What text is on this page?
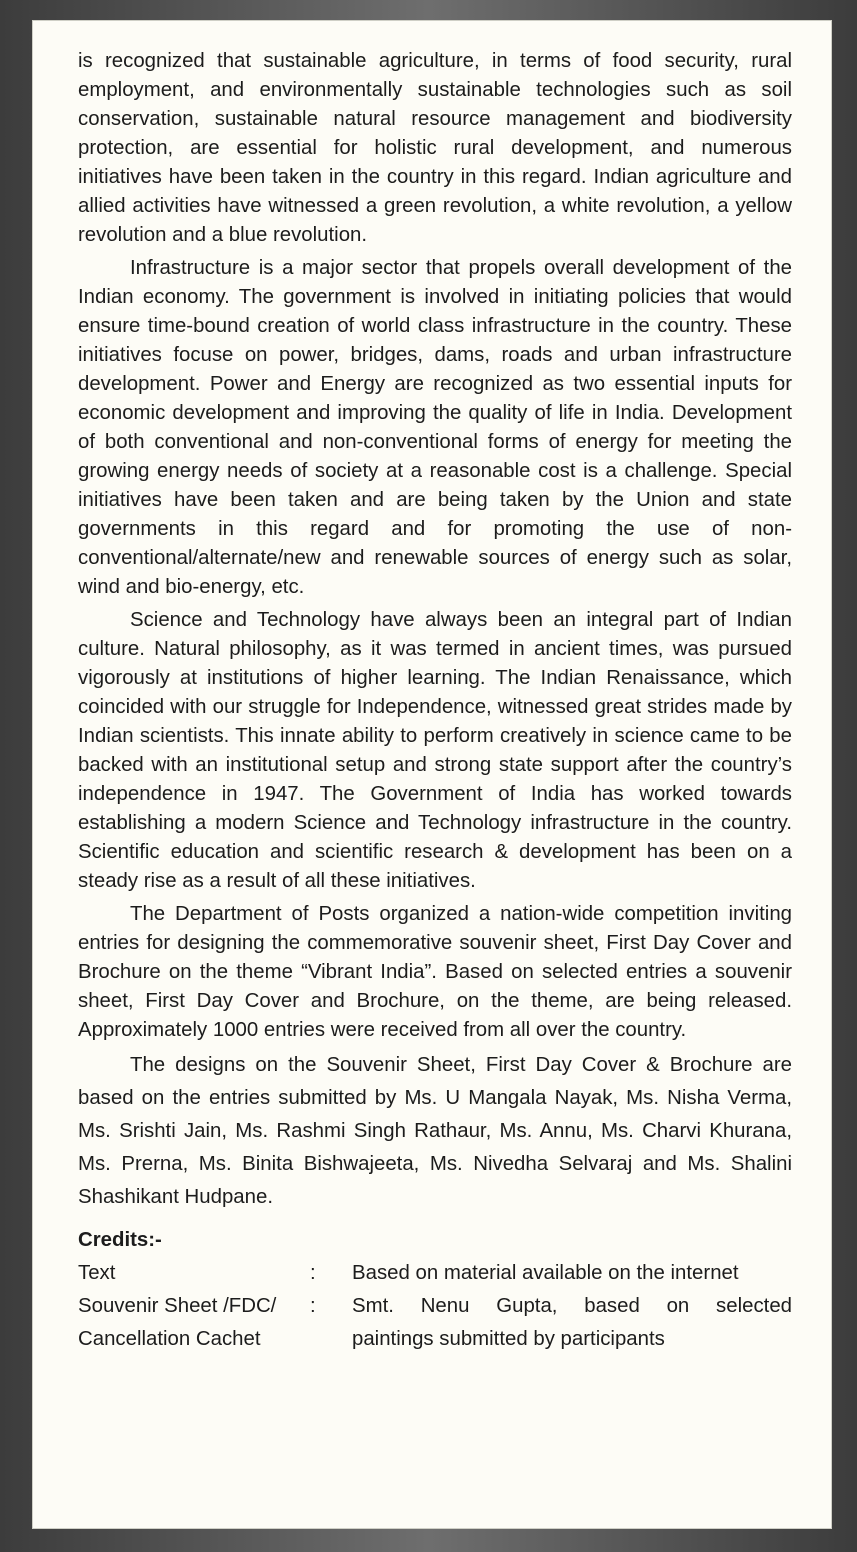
is recognized that sustainable agriculture, in terms of food security, rural employment, and environmentally sustainable technologies such as soil conservation, sustainable natural resource management and biodiversity protection, are essential for holistic rural development, and numerous initiatives have been taken in the country in this regard. Indian agriculture and allied activities have witnessed a green revolution, a white revolution, a yellow revolution and a blue revolution.

Infrastructure is a major sector that propels overall development of the Indian economy. The government is involved in initiating policies that would ensure time-bound creation of world class infrastructure in the country. These initiatives focuse on power, bridges, dams, roads and urban infrastructure development. Power and Energy are recognized as two essential inputs for economic development and improving the quality of life in India. Development of both conventional and non-conventional forms of energy for meeting the growing energy needs of society at a reasonable cost is a challenge. Special initiatives have been taken and are being taken by the Union and state governments in this regard and for promoting the use of non-conventional/alternate/new and renewable sources of energy such as solar, wind and bio-energy, etc.

Science and Technology have always been an integral part of Indian culture. Natural philosophy, as it was termed in ancient times, was pursued vigorously at institutions of higher learning. The Indian Renaissance, which coincided with our struggle for Independence, witnessed great strides made by Indian scientists. This innate ability to perform creatively in science came to be backed with an institutional setup and strong state support after the country’s independence in 1947. The Government of India has worked towards establishing a modern Science and Technology infrastructure in the country. Scientific education and scientific research & development has been on a steady rise as a result of all these initiatives.

The Department of Posts organized a nation-wide competition inviting entries for designing the commemorative souvenir sheet, First Day Cover and Brochure on the theme “Vibrant India”. Based on selected entries a souvenir sheet, First Day Cover and Brochure, on the theme, are being released. Approximately 1000 entries were received from all over the country.

The designs on the Souvenir Sheet, First Day Cover & Brochure are based on the entries submitted by Ms. U Mangala Nayak, Ms. Nisha Verma, Ms. Srishti Jain, Ms. Rashmi Singh Rathaur, Ms. Annu, Ms. Charvi Khurana, Ms. Prerna, Ms. Binita Bishwajeeta, Ms. Nivedha Selvaraj and Ms. Shalini Shashikant Hudpane.

Credits:-
Text	:	Based on material available on the internet
Souvenir Sheet /FDC/	:	Smt. Nenu Gupta, based on selected
Cancellation Cachet	paintings submitted by participants
